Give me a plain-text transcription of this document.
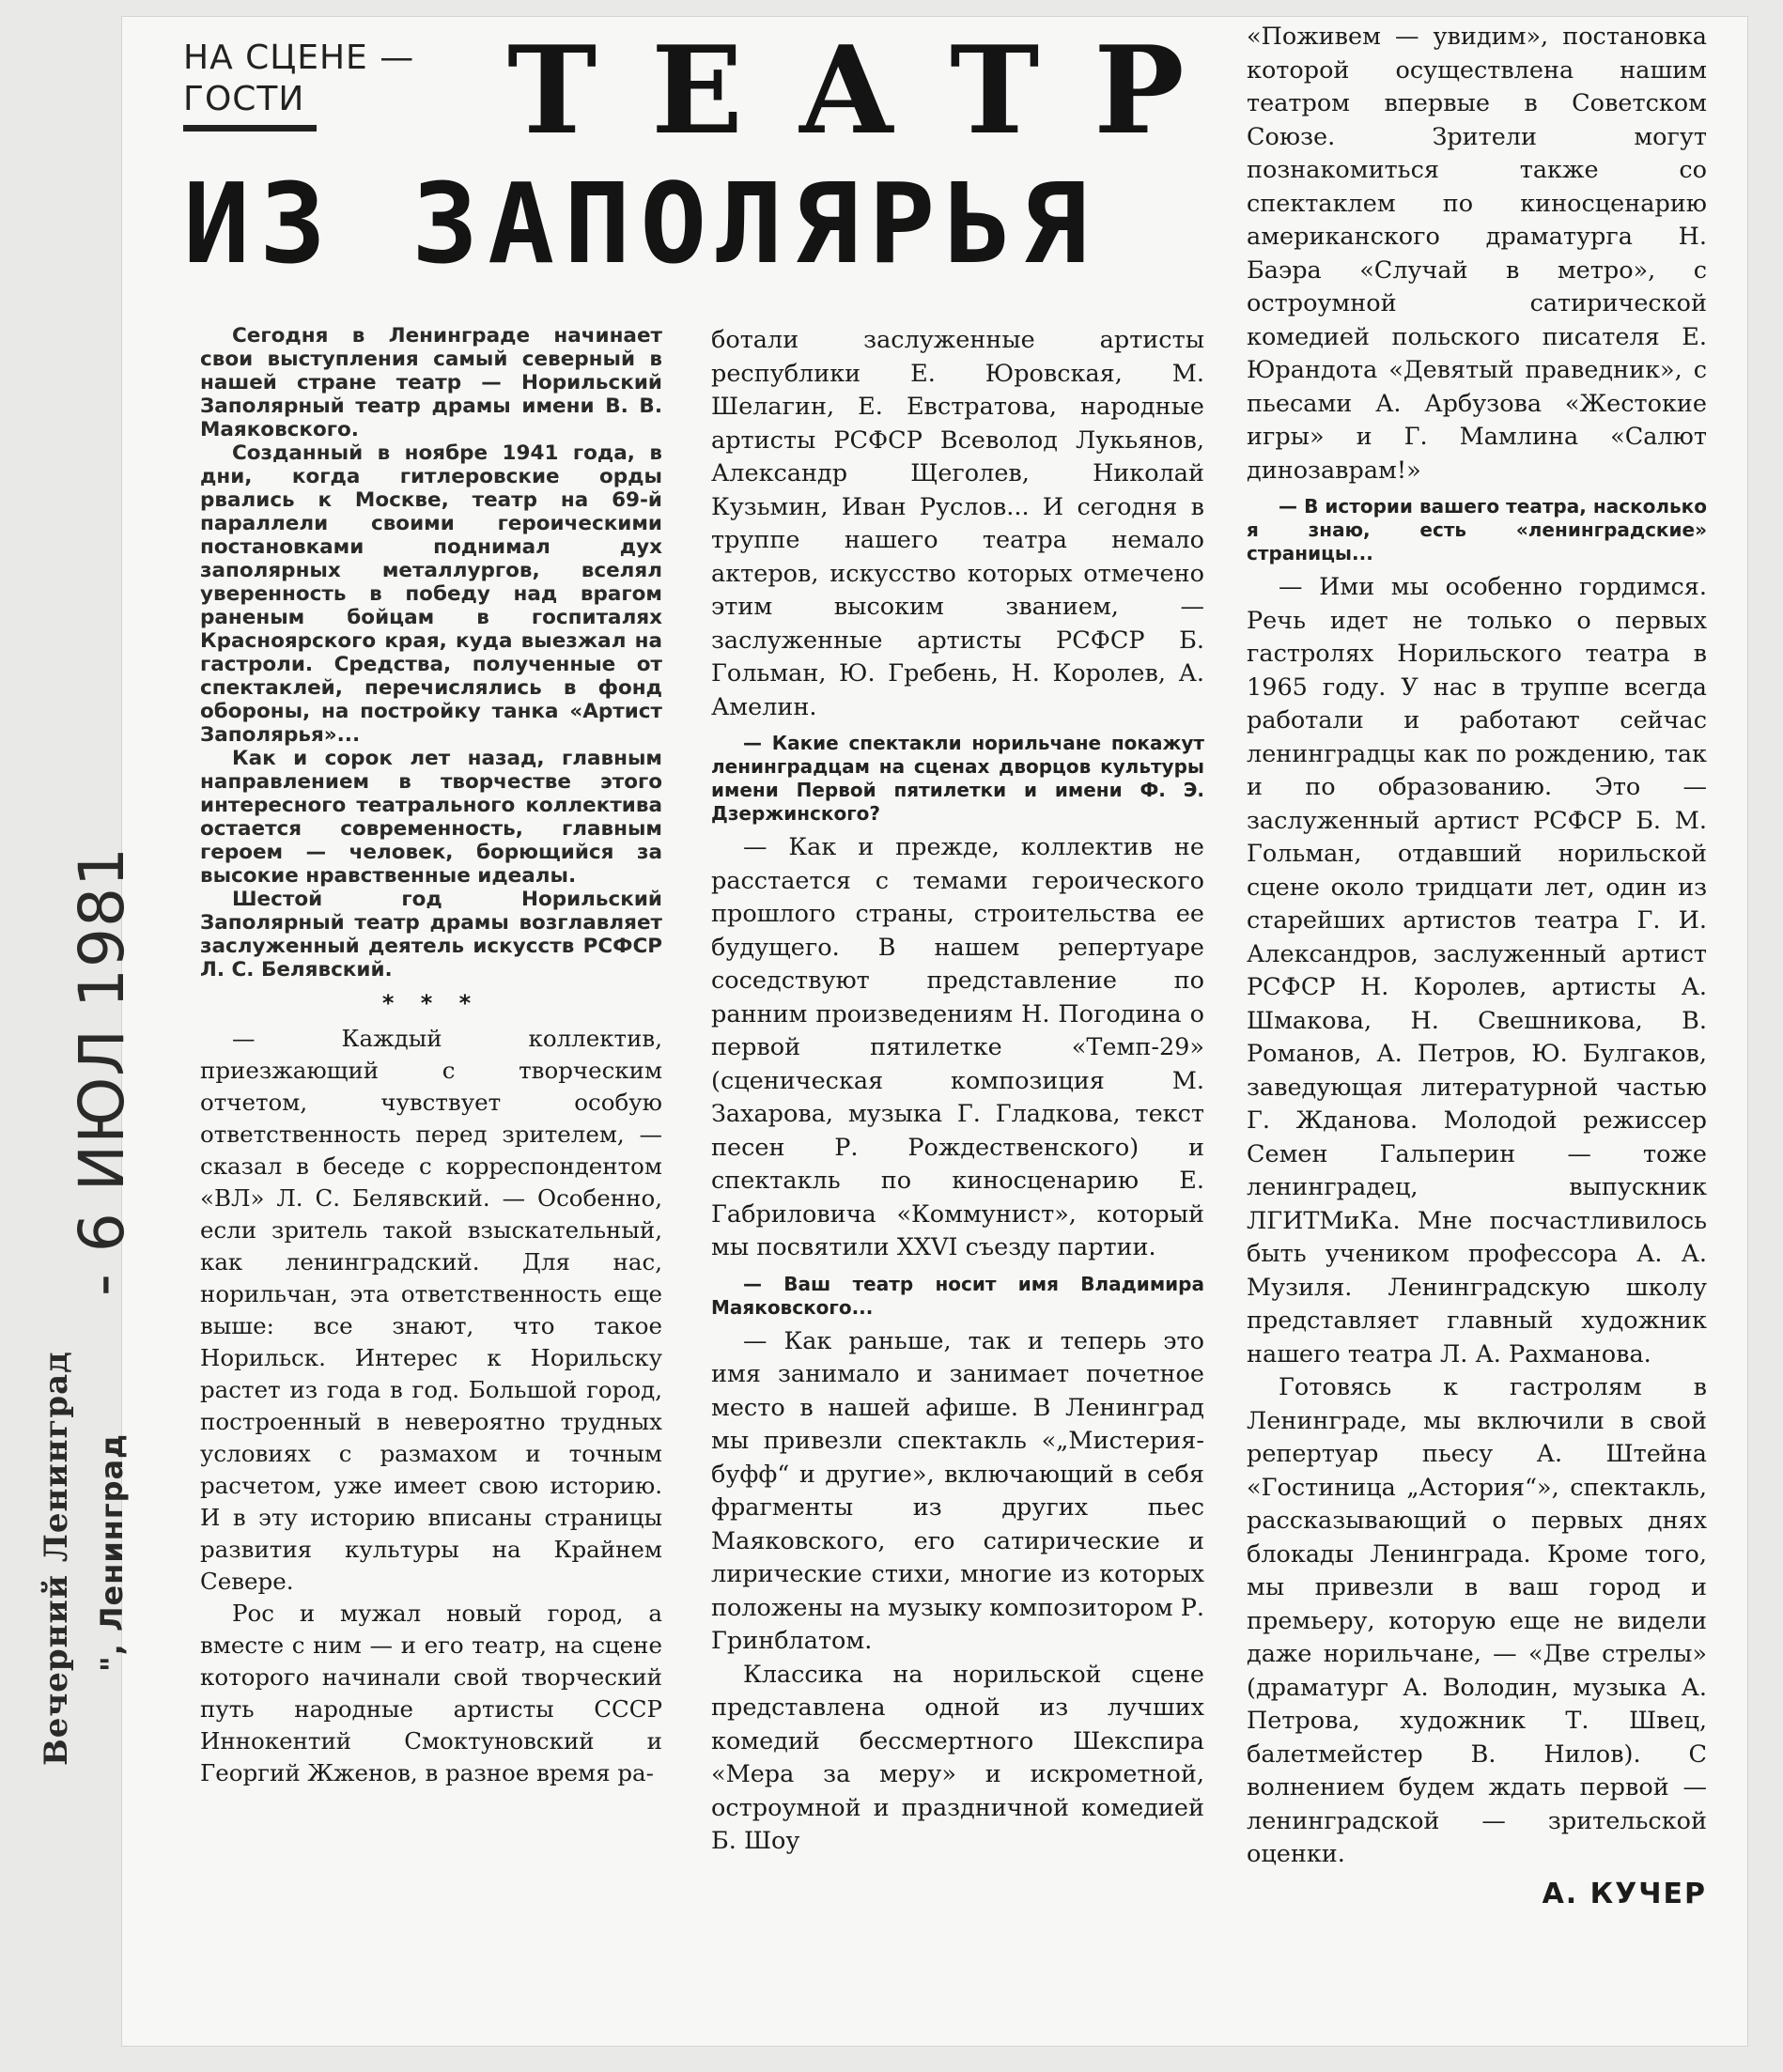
НА СЦЕНЕ —
ГОСТИ	ТЕАТР
ИЗ ЗАПОЛЯРЬЯ

Сегодня в Ленинграде начинает свои выступления самый северный в нашей стране театр — Норильский Заполярный театр драмы имени В. В. Маяковского.

Созданный в ноябре 1941 года, в дни, когда гитлеровские орды рвались к Москве, театр на 69-й параллели своими героическими постановками поднимал дух заполярных металлургов, вселял уверенность в победу над врагом раненым бойцам в госпиталях Красноярского края, куда выезжал на гастроли. Средства, полученные от спектаклей, перечислялись в фонд обороны, на постройку танка «Артист Заполярья»...

Как и сорок лет назад, главным направлением в творчестве этого интересного театрального коллектива остается современность, главным героем — человек, борющийся за высокие нравственные идеалы.

Шестой год Норильский Заполярный театр драмы возглавляет заслуженный деятель искусств РСФСР Л. С. Белявский.

* * *

— Каждый коллектив, приезжающий с творческим отчетом, чувствует особую ответственность перед зрителем, — сказал в беседе с корреспондентом «ВЛ» Л. С. Белявский. — Особенно, если зритель такой взыскательный, как ленинградский. Для нас, норильчан, эта ответственность еще выше: все знают, что такое Норильск. Интерес к Норильску растет из года в год. Большой город, построенный в невероятно трудных условиях с размахом и точным расчетом, уже имеет свою историю. И в эту историю вписаны страницы развития культуры на Крайнем Севере.

Рос и мужал новый город, а вместе с ним — и его театр, на сцене которого начинали свой творческий путь народные артисты СССР Иннокентий Смоктуновский и Георгий Жженов, в разное время ра-

ботали заслуженные артисты республики Е. Юровская, М. Шелагин, Е. Евстратова, народные артисты РСФСР Всеволод Лукьянов, Александр Щеголев, Николай Кузьмин, Иван Руслов... И сегодня в труппе нашего театра немало актеров, искусство которых отмечено этим высоким званием, — заслуженные артисты РСФСР Б. Гольман, Ю. Гребень, Н. Королев, А. Амелин.

— Какие спектакли норильчане покажут ленинградцам на сценах дворцов культуры имени Первой пятилетки и имени Ф. Э. Дзержинского?

— Как и прежде, коллектив не расстается с темами героического прошлого страны, строительства ее будущего. В нашем репертуаре соседствуют представление по ранним произведениям Н. Погодина о первой пятилетке «Темп-29» (сценическая композиция М. Захарова, музыка Г. Гладкова, текст песен Р. Рождественского) и спектакль по киносценарию Е. Габриловича «Коммунист», который мы посвятили XXVI съезду партии.

— Ваш театр носит имя Владимира Маяковского...

— Как раньше, так и теперь это имя занимало и занимает почетное место в нашей афише. В Ленинград мы привезли спектакль «„Мистерия-буфф“ и другие», включающий в себя фрагменты из других пьес Маяковского, его сатирические и лирические стихи, многие из которых положены на музыку композитором Р. Гринблатом.

Классика на норильской сцене представлена одной из лучших комедий бессмертного Шекспира «Мера за меру» и искрометной, остроумной и праздничной комедией Б. Шоу

«Поживем — увидим», постановка которой осуществлена нашим театром впервые в Советском Союзе. Зрители могут познакомиться также со спектаклем по киносценарию американского драматурга Н. Баэра «Случай в метро», с остроумной сатирической комедией польского писателя Е. Юрандота «Девятый праведник», с пьесами А. Арбузова «Жестокие игры» и Г. Мамлина «Салют динозаврам!»

— В истории вашего театра, насколько я знаю, есть «ленинградские» страницы...

— Ими мы особенно гордимся. Речь идет не только о первых гастролях Норильского театра в 1965 году. У нас в труппе всегда работали и работают сейчас ленинградцы как по рождению, так и по образованию. Это — заслуженный артист РСФСР Б. М. Гольман, отдавший норильской сцене около тридцати лет, один из старейших артистов театра Г. И. Александров, заслуженный артист РСФСР Н. Королев, артисты А. Шмакова, Н. Свешникова, В. Романов, А. Петров, Ю. Булгаков, заведующая литературной частью Г. Жданова. Молодой режиссер Семен Гальперин — тоже ленинградец, выпускник ЛГИТМиКа. Мне посчастливилось быть учеником профессора А. А. Музиля. Ленинградскую школу представляет главный художник нашего театра Л. А. Рахманова.

Готовясь к гастролям в Ленинграде, мы включили в свой репертуар пьесу А. Штейна «Гостиница „Астория“», спектакль, рассказывающий о первых днях блокады Ленинграда. Кроме того, мы привезли в ваш город и премьеру, которую еще не видели даже норильчане, — «Две стрелы» (драматург А. Володин, музыка А. Петрова, художник Т. Швец, балетмейстер В. Нилов). С волнением будем ждать первой — ленинградской — зрительской оценки.

А. КУЧЕР
- 6 ИЮЛ 1981
Вечерний Ленинград ", Ленинград
